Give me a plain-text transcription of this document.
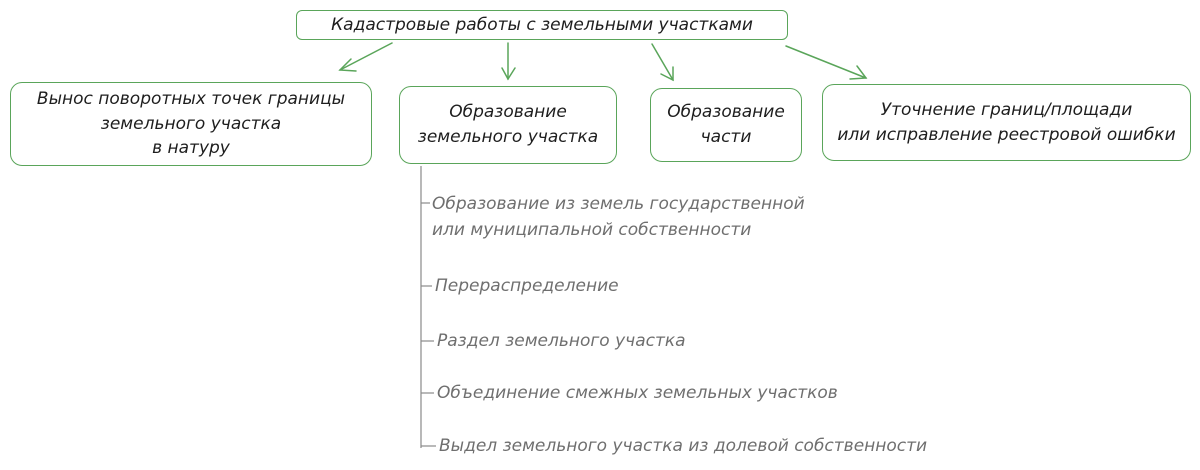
Кадастровые работы с земельными участками
Вынос поворотных точек границы
земельного участка
в натуру
Образование
земельного участка
Образование
части
Уточнение границ/площади
или исправление реестровой ошибки
Образование из земель государственной
или муниципальной собственности
Перераспределение
Раздел земельного участка
Объединение смежных земельных участков
Выдел земельного участка из долевой собственности
